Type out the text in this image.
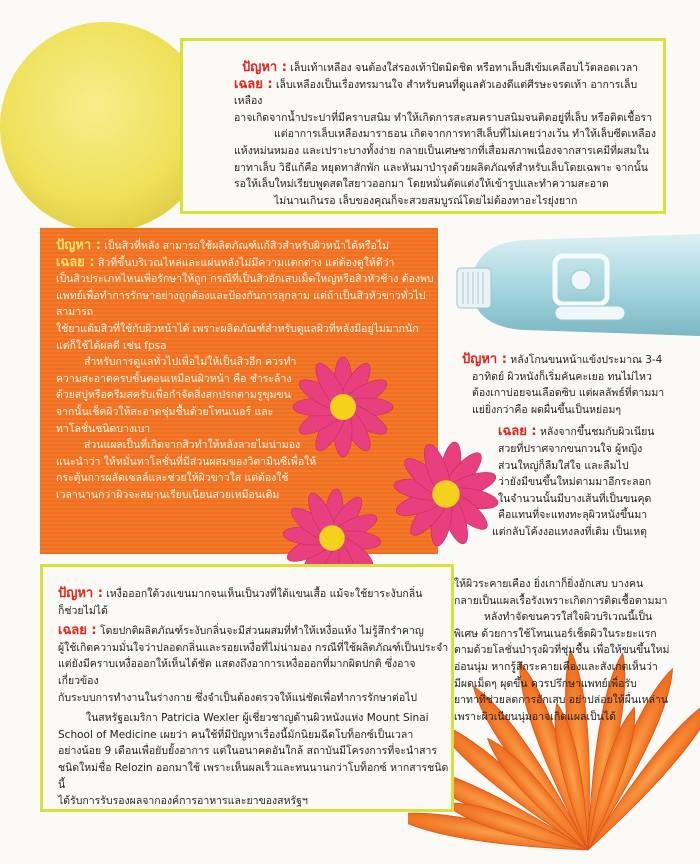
ปัญหา : เล็บเท้าเหลือง จนต้องใส่รองเท้าปิดมิดชิด หรือทาเล็บสีเข้มเคลือบไว้ตลอดเวลา

เฉลย : เล็บเหลืองเป็นเรื่องทรมานใจ สำหรับคนที่ดูแลตัวเองดีแต่ศีรษะจรดเท้า อาการเล็บเหลือง

อาจเกิดจากน้ำประปาที่มีคราบสนิม ทำให้เกิดการสะสมคราบสนิมจนติดอยู่ที่เล็บ หรือติดเชื้อรา

แต่อาการเล็บเหลืองมาราธอน เกิดจากการทาสีเล็บที่ไม่เคยว่างเว้น ทำให้เล็บซีดเหลือง

แห้งหม่นหมอง และเปราะบางทั้งง่าย กลายเป็นเศษซากที่เสื่อมสภาพเนื่องจากสารเคมีที่ผสมใน

ยาทาเล็บ วิธีแก้คือ หยุดทาสักพัก และหันมาบำรุงด้วยผลิตภัณฑ์สำหรับเล็บโดยเฉพาะ จากนั้น

รอให้เล็บใหม่เรียบพูดสดใสยาวออกมา โดยหมั่นตัดแต่งให้เข้ารูปและทำความสะอาด

ไม่นานเกินรอ เล็บของคุณก็จะสวยสมบูรณ์โดยไม่ต้องทาอะไรยุ่งยาก

ปัญหา : เป็นสิวที่หลัง สามารถใช้ผลิตภัณฑ์แก้สิวสำหรับผิวหน้าได้หรือไม่

เฉลย : สิวที่ขึ้นบริเวณไหล่และแผ่นหลังไม่มีความแตกต่าง แต่ต้องดูให้ดีว่า

เป็นสิวประเภทไหนเพื่อรักษาให้ถูก กรณีที่เป็นสิวอักเสบเม็ดใหญ่หรือสิวหัวช้าง ต้องพบ

แพทย์เพื่อทำการรักษาอย่างถูกต้องและป้องกันการลุกลาม แต่ถ้าเป็นสิวหัวขาวทั่วไป สามารถ

ใช้ยาแต้มสิวที่ใช้กับผิวหน้าได้ เพราะผลิตภัณฑ์สำหรับดูแลผิวที่หลังมีอยู่ไม่มากนัก

แต่ก็ใช้ได้ผลดี เช่น fpsa

สำหรับการดูแลทั่วไปเพื่อไม่ให้เป็นสิวอีก ควรทำ

ความสะอาดครบขั้นตอนเหมือนผิวหน้า คือ ชำระล้าง

ด้วยสบู่หรือครีมสครับเพื่อกำจัดสิ่งสกปรกตามรูขุมขน

จากนั้นเช็ดผิวให้สะอาดชุ่มชื้นด้วยโทนเนอร์ และ

ทาโลชั่นชนิดบางเบา

ส่วนแผลเป็นที่เกิดจากสิวทำให้หลังลายไม่น่ามอง

แนะนำว่า ให้หมั่นทาโลชั่นที่มีส่วนผสมของวิตามินซีเพื่อให้

กระตุ้นการผลัดเซลล์และช่วยให้ผิวขาวใส แต่ต้องใช้

เวลานานกว่าผิวจะสมานเรียบเนียนสวยเหมือนเดิม

ปัญหา : หลังโกนขนหน้าแข้งประมาณ 3-4

อาทิตย์ ผิวหนังก็เริ่มคันคะเยอ ทนไม่ไหว

ต้องเกาบ่อยจนเลือดซิบ แต่ผลลัพธ์ที่ตามมา

แย่ยิ่งกว่าคือ ผดผื่นขึ้นเป็นหย่อมๆ

เฉลย : หลังจากขึ้นชมกับผิวเนียน

สวยที่ปราศจากขนกวนใจ ผู้หญิง

ส่วนใหญ่ก็ลืมใส่ใจ และลืมไป

ว่ายังมีขนขึ้นใหม่ตามมาอีกระลอก

ในจำนวนนั้นมีบางเส้นที่เป็นขนคุด

คือแทนที่จะแทงทะลุผิวหนังขึ้นมา

แต่กลับโค้งงอแทงลงที่เดิม เป็นเหตุ

ให้ผิวระคายเคือง ยิ่งเกาก็ยิ่งอักเสบ บางคน

กลายเป็นแผลเรื้อรังเพราะเกิดการติดเชื้อตามมา

หลังทำจัดขนควรใส่ใจผิวบริเวณนี้เป็น

พิเศษ ด้วยการใช้โทนเนอร์เช็ดผิวในระยะแรก

ตามด้วยโลชั่นบำรุงผิวที่ชุ่มชื้น เพื่อให้ขนขึ้นใหม่

อ่อนนุ่ม หากรู้สึกระคายเคืองและสังเกตเห็นว่า

มีผดเม็ดๆ ผุดขึ้น ควรปรึกษาแพทย์เพื่อรับ

ยาทาที่ช่วยลดการอักเสบ อย่าปล่อยให้ผื่นเหล่าน

เพราะผิวเนียนนุ่มอาจเกิดแผลเป็นได้

ปัญหา : เหงื่อออกใต้วงแขนมากจนเห็นเป็นวงที่ใต้แขนเสื้อ แม้จะใช้ยาระงับกลิ่น

ก็ช่วยไม่ได้

เฉลย : โดยปกติผลิตภัณฑ์ระงับกลิ่นจะมีส่วนผสมที่ทำให้เหงื่อแห้ง ไม่รู้สึกรำคาญ

ผู้ใช้เกิดความมั่นใจว่าปลอดกลิ่นและรอยเหงื่อที่ไม่น่ามอง กรณีที่ใช้ผลิตภัณฑ์เป็นประจำ

แต่ยังมีคราบเหงื่อออกให้เห็นได้ชัด แสดงถึงอาการเหงื่อออกที่มากผิดปกติ ซึ่งอาจเกี่ยวข้อง

กับระบบการทำงานในร่างกาย ซึ่งจำเป็นต้องตรวจให้แน่ชัดเพื่อทำการรักษาต่อไป

ในสหรัฐอเมริกา Patricia Wexler ผู้เชี่ยวชาญด้านผิวหนังแห่ง Mount Sinai

School of Medicine เผยว่า คนใช้ที่มีปัญหาเรื่องนี้มักนิยมฉีดโบท็อกซ์เป็นเวลา

อย่างน้อย 9 เดือนเพื่อยับยั้งอาการ แต่ในอนาคตอันใกล้ สถาบันมีโครงการที่จะนำสาร

ชนิดใหม่ชื่อ Relozin ออกมาใช้ เพราะเห็นผลเร็วและทนนานกว่าโบท็อกซ์ หากสารชนิดนี้

ได้รับการรับรองผลจากองค์การอาหารและยาของสหรัฐฯ
